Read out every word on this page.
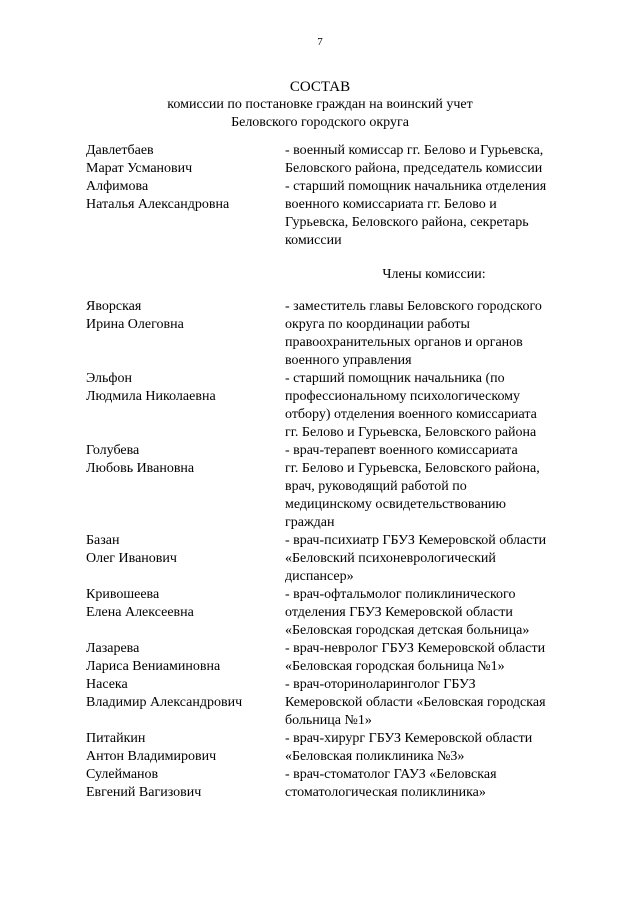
7
СОСТАВ
комиссии по постановке граждан на воинский учет
Беловского городского округа
Давлетбаев
Марат Усманович
- военный комиссар гг. Белово и Гурьевска,
Беловского района, председатель комиссии
Алфимова
Наталья Александровна
- старший помощник начальника отделения
военного комиссариата гг. Белово и
Гурьевска, Беловского района, секретарь
комиссии
Члены комиссии:
Яворская
Ирина Олеговна
- заместитель главы Беловского городского
округа по координации работы
правоохранительных органов и органов
военного управления
Эльфон
Людмила Николаевна
- старший помощник начальника (по
профессиональному психологическому
отбору) отделения военного комиссариата
гг. Белово и Гурьевска, Беловского района
Голубева
Любовь Ивановна
- врач-терапевт военного комиссариата
гг. Белово и Гурьевска, Беловского района,
врач, руководящий работой по
медицинскому освидетельствованию
граждан
Базан
Олег Иванович
- врач-психиатр ГБУЗ Кемеровской области
«Беловский психоневрологический
диспансер»
Кривошеева
Елена Алексеевна
- врач-офтальмолог поликлинического
отделения ГБУЗ Кемеровской области
«Беловская городская детская больница»
Лазарева
Лариса Вениаминовна
- врач-невролог ГБУЗ Кемеровской области
«Беловская городская больница №1»
Насека
Владимир Александрович
- врач-оториноларинголог ГБУЗ
Кемеровской области «Беловская городская
больница №1»
Питайкин
Антон Владимирович
- врач-хирург ГБУЗ Кемеровской области
«Беловская поликлиника №3»
Сулейманов
Евгений Вагизович
- врач-стоматолог ГАУЗ «Беловская
стоматологическая поликлиника»
